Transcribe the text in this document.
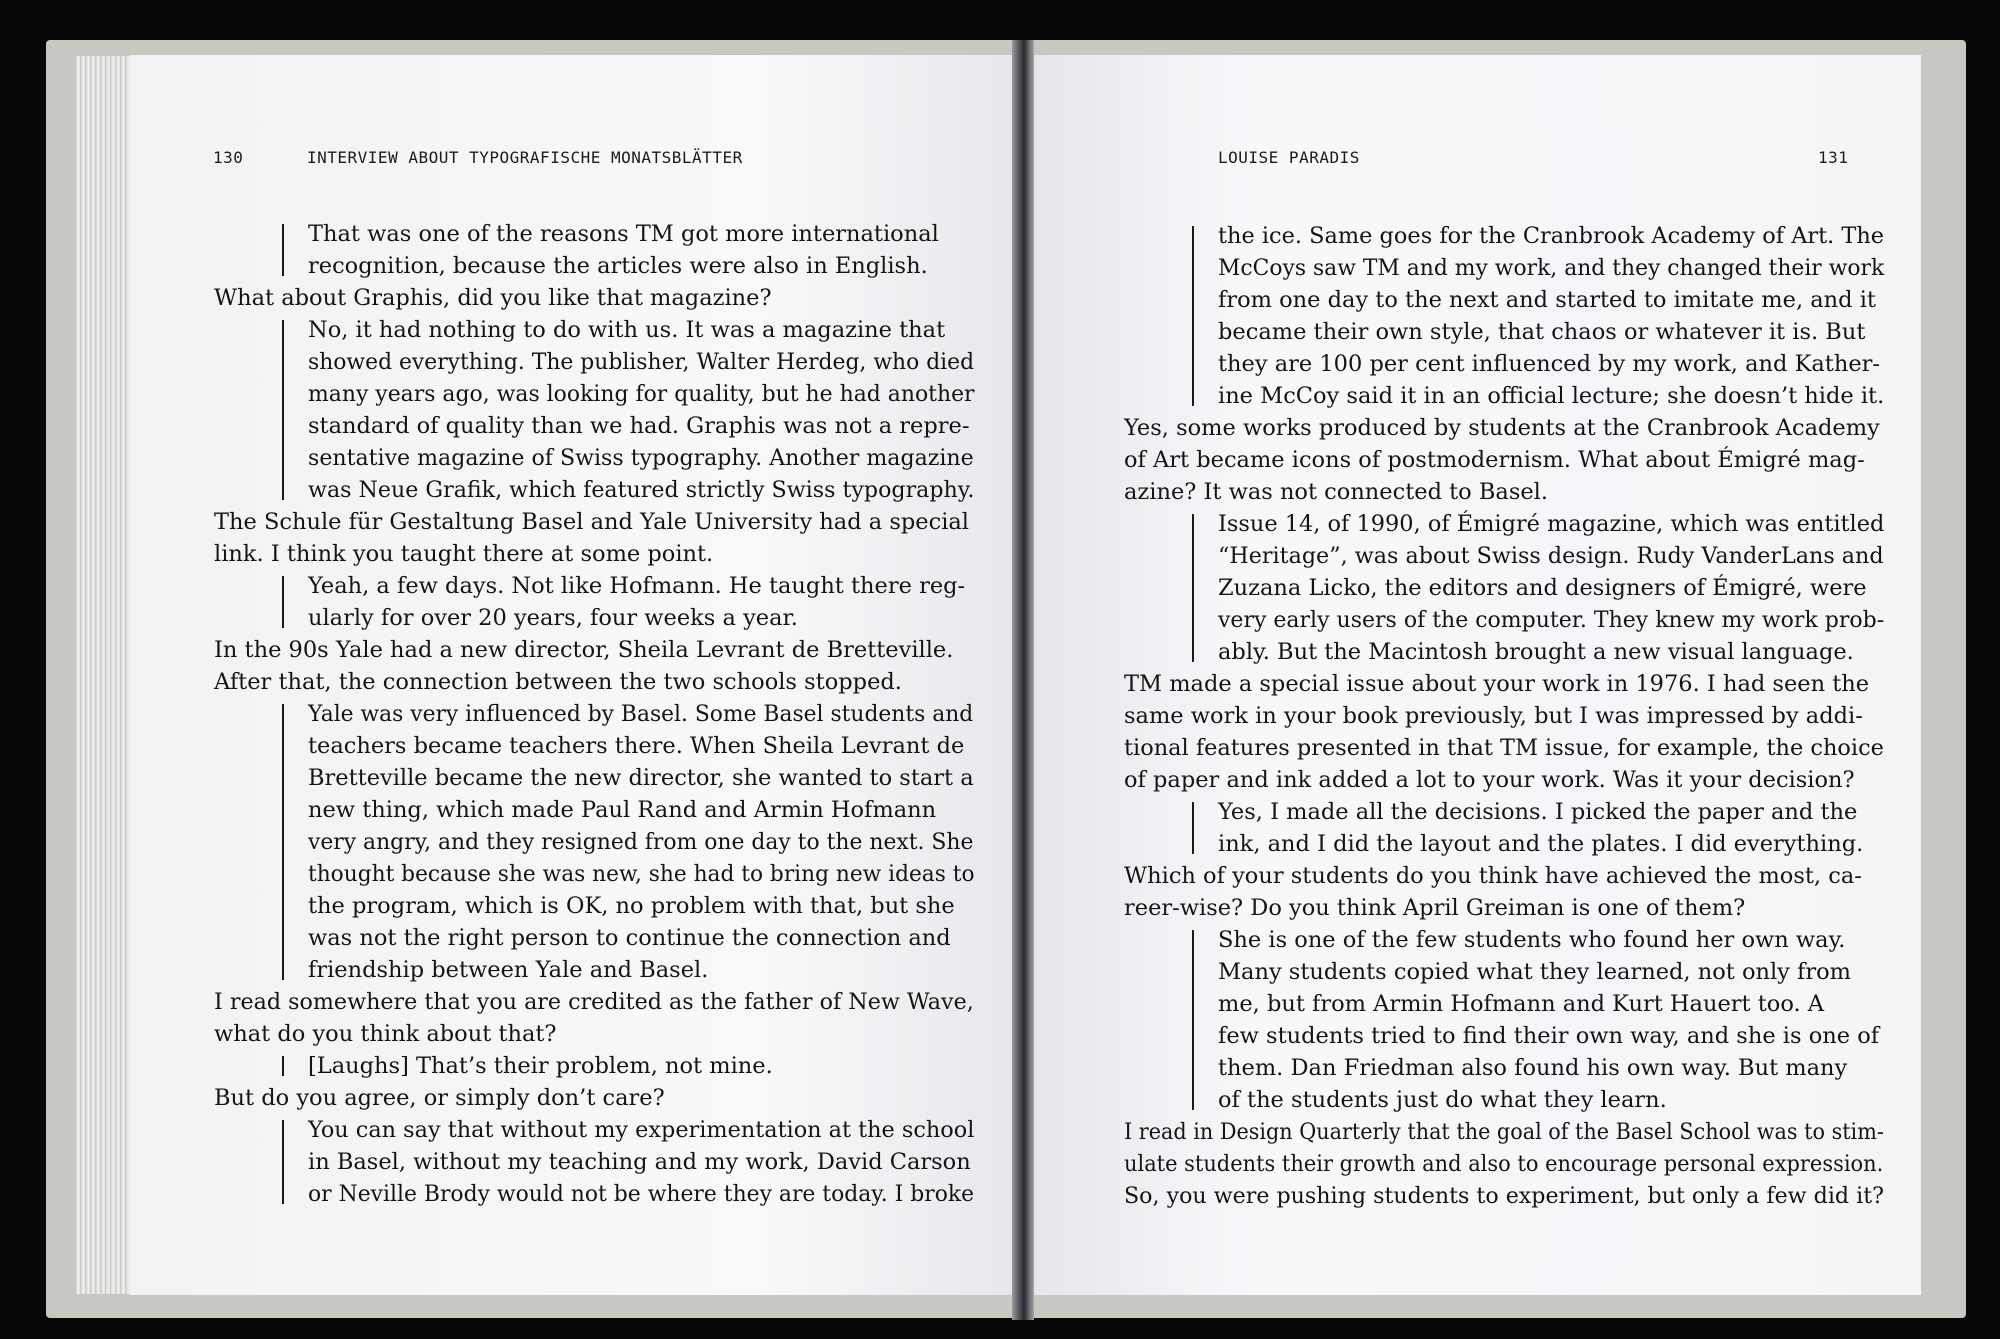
130	INTERVIEW ABOUT TYPOGRAFISCHE MONATSBLÄTTER	LOUISE PARADIS	131
That was one of the reasons TM got more international
recognition, because the articles were also in English.
What about Graphis, did you like that magazine?
No, it had nothing to do with us. It was a magazine that
showed everything. The publisher, Walter Herdeg, who died
many years ago, was looking for quality, but he had another
standard of quality than we had. Graphis was not a repre-
sentative magazine of Swiss typography. Another magazine
was Neue Grafik, which featured strictly Swiss typography.
The Schule für Gestaltung Basel and Yale University had a special
link. I think you taught there at some point.
Yeah, a few days. Not like Hofmann. He taught there reg-
ularly for over 20 years, four weeks a year.
In the 90s Yale had a new director, Sheila Levrant de Bretteville.
After that, the connection between the two schools stopped.
Yale was very influenced by Basel. Some Basel students and
teachers became teachers there. When Sheila Levrant de
Bretteville became the new director, she wanted to start a
new thing, which made Paul Rand and Armin Hofmann
very angry, and they resigned from one day to the next. She
thought because she was new, she had to bring new ideas to
the program, which is OK, no problem with that, but she
was not the right person to continue the connection and
friendship between Yale and Basel.
I read somewhere that you are credited as the father of New Wave,
what do you think about that?
[Laughs] That’s their problem, not mine.
But do you agree, or simply don’t care?
You can say that without my experimentation at the school
in Basel, without my teaching and my work, David Carson
or Neville Brody would not be where they are today. I broke
the ice. Same goes for the Cranbrook Academy of Art. The
McCoys saw TM and my work, and they changed their work
from one day to the next and started to imitate me, and it
became their own style, that chaos or whatever it is. But
they are 100 per cent influenced by my work, and Kather-
ine McCoy said it in an official lecture; she doesn’t hide it.
Yes, some works produced by students at the Cranbrook Academy
of Art became icons of postmodernism. What about Émigré mag-
azine? It was not connected to Basel.
Issue 14, of 1990, of Émigré magazine, which was entitled
“Heritage”, was about Swiss design. Rudy VanderLans and
Zuzana Licko, the editors and designers of Émigré, were
very early users of the computer. They knew my work prob-
ably. But the Macintosh brought a new visual language.
TM made a special issue about your work in 1976. I had seen the
same work in your book previously, but I was impressed by addi-
tional features presented in that TM issue, for example, the choice
of paper and ink added a lot to your work. Was it your decision?
Yes, I made all the decisions. I picked the paper and the
ink, and I did the layout and the plates. I did everything.
Which of your students do you think have achieved the most, ca-
reer-wise? Do you think April Greiman is one of them?
She is one of the few students who found her own way.
Many students copied what they learned, not only from
me, but from Armin Hofmann and Kurt Hauert too. A
few students tried to find their own way, and she is one of
them. Dan Friedman also found his own way. But many
of the students just do what they learn.
I read in Design Quarterly that the goal of the Basel School was to stim-
ulate students their growth and also to encourage personal expression.
So, you were pushing students to experiment, but only a few did it?
